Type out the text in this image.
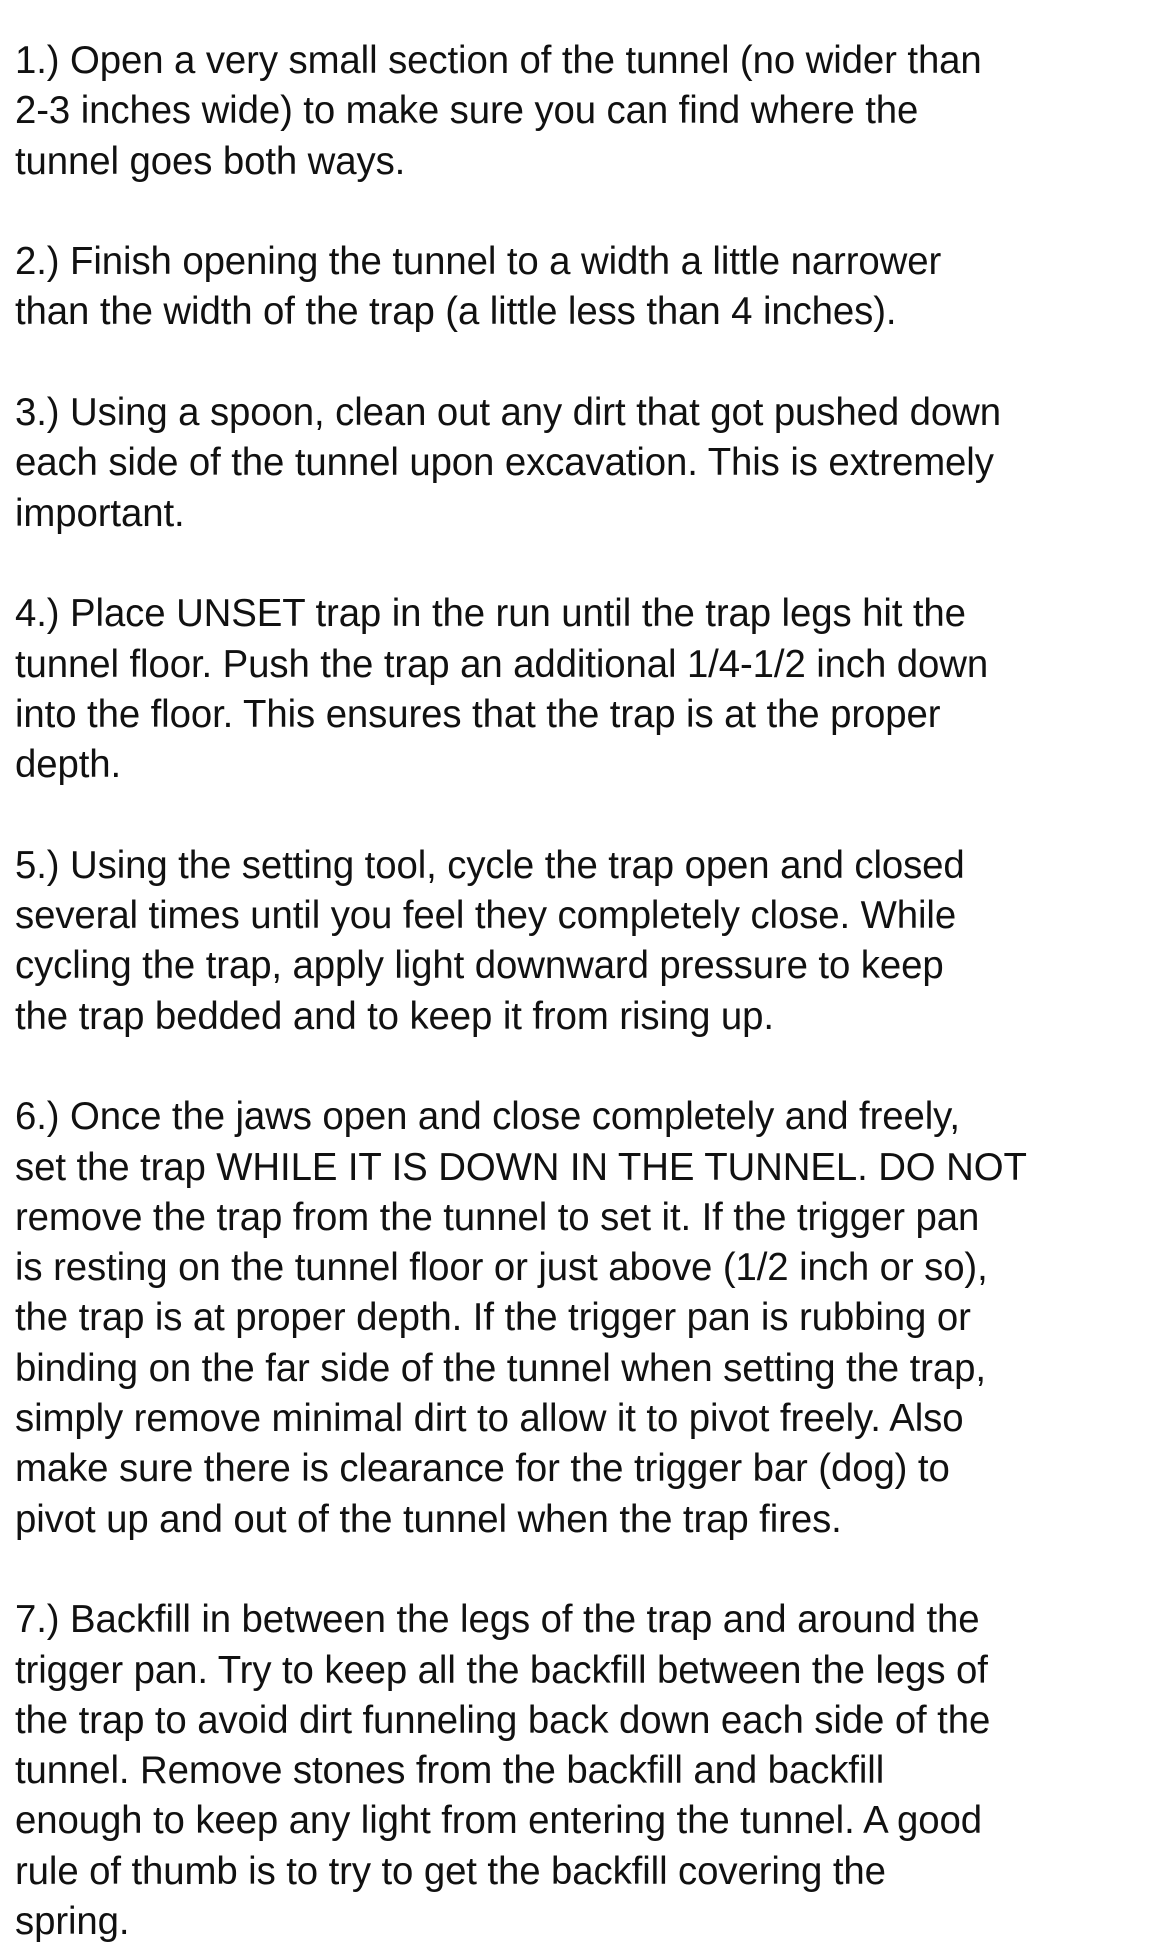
1.) Open a very small section of the tunnel (no wider than
2-3 inches wide) to make sure you can find where the
tunnel goes both ways.

2.) Finish opening the tunnel to a width a little narrower
than the width of the trap (a little less than 4 inches).

3.) Using a spoon, clean out any dirt that got pushed down
each side of the tunnel upon excavation. This is extremely
important.

4.) Place UNSET trap in the run until the trap legs hit the
tunnel floor. Push the trap an additional 1/4-1/2 inch down
into the floor. This ensures that the trap is at the proper
depth.

5.) Using the setting tool, cycle the trap open and closed
several times until you feel they completely close. While
cycling the trap, apply light downward pressure to keep
the trap bedded and to keep it from rising up.

6.) Once the jaws open and close completely and freely,
set the trap WHILE IT IS DOWN IN THE TUNNEL. DO NOT
remove the trap from the tunnel to set it. If the trigger pan
is resting on the tunnel floor or just above (1/2 inch or so),
the trap is at proper depth. If the trigger pan is rubbing or
binding on the far side of the tunnel when setting the trap,
simply remove minimal dirt to allow it to pivot freely. Also
make sure there is clearance for the trigger bar (dog) to
pivot up and out of the tunnel when the trap fires.

7.) Backfill in between the legs of the trap and around the
trigger pan. Try to keep all the backfill between the legs of
the trap to avoid dirt funneling back down each side of the
tunnel. Remove stones from the backfill and backfill
enough to keep any light from entering the tunnel. A good
rule of thumb is to try to get the backfill covering the
spring.
